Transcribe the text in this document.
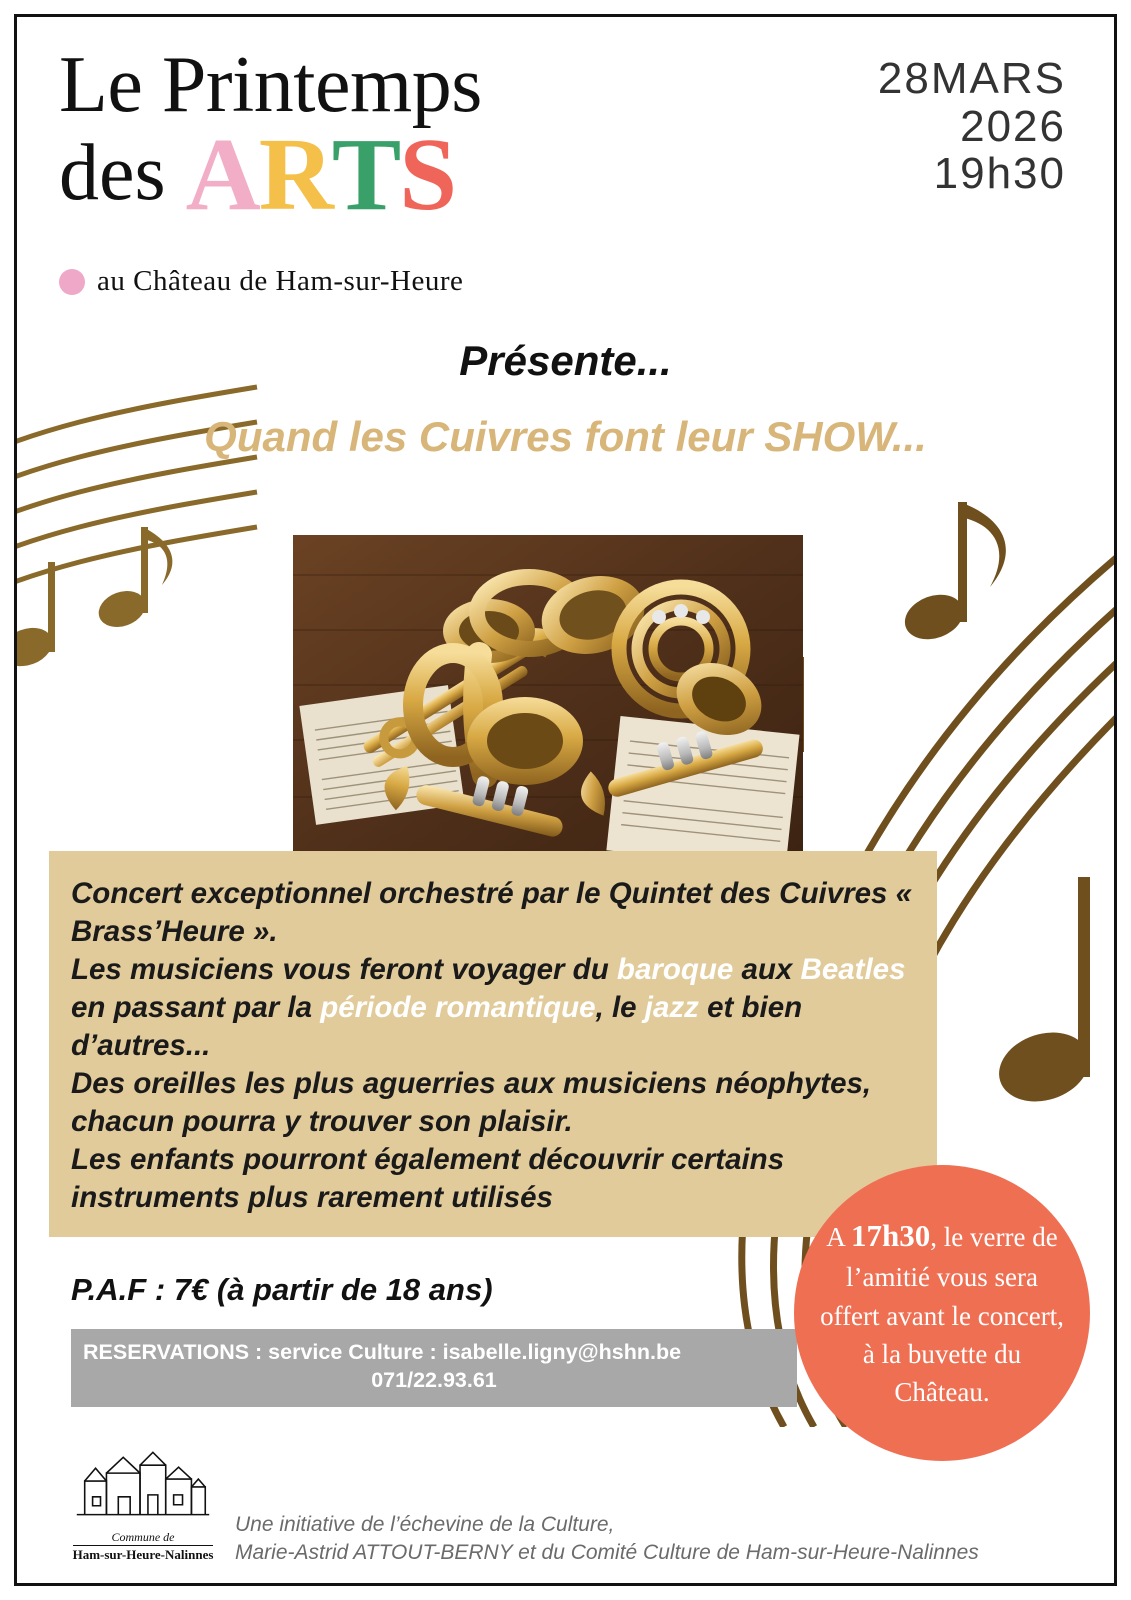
Le Printemps
des ARTS
au Château de Ham-sur-Heure
28MARS
2026
19h30
Présente...
Quand les Cuivres font leur SHOW...
Concert exceptionnel orchestré par le Quintet des Cuivres « Brass’Heure ».
Les musiciens vous feront voyager du baroque aux Beatles en passant par la période romantique, le jazz et bien d’autres...
Des oreilles les plus aguerries aux musiciens néophytes, chacun pourra y trouver son plaisir.
Les enfants pourront également découvrir certains instruments plus rarement utilisés
P.A.F : 7€ (à partir de 18 ans)
RESERVATIONS : service Culture : isabelle.ligny@hshn.be
071/22.93.61
A 17h30, le verre de l’amitié vous sera offert avant le concert, à la buvette du Château.
Commune de
Ham-sur-Heure-Nalinnes
Une initiative de l’échevine de la Culture,
Marie-Astrid ATTOUT-BERNY et du Comité Culture de Ham-sur-Heure-Nalinnes
